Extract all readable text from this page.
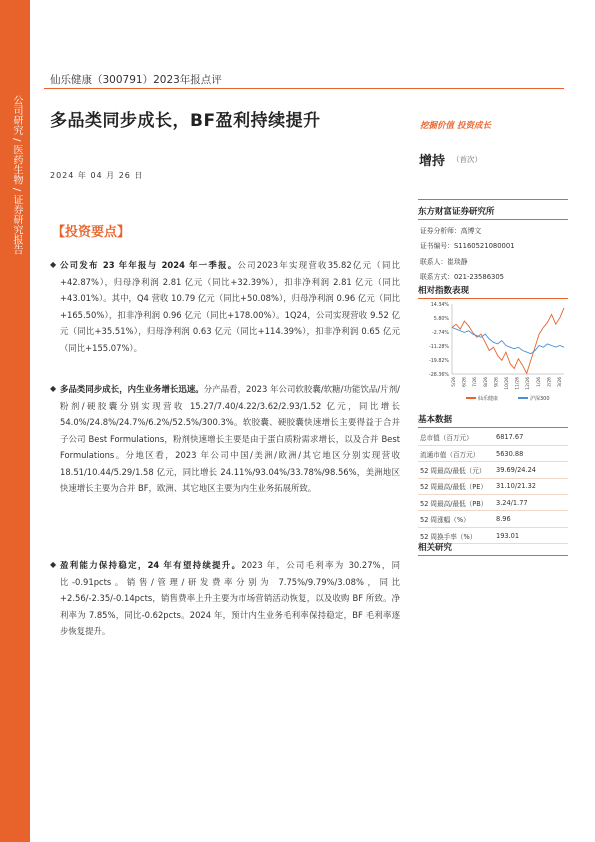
公司研究 / 医药生物 / 证券研究报告
仙乐健康（300791）2023年报点评
多品类同步成长，BF盈利持续提升
2024 年 04 月 26 日
【投资要点】
◆ 公司发布 23 年年报与 2024 年一季报。公司2023年实现营收35.82亿元（同比+42.87%），归母净利润 2.81 亿元（同比+32.39%），扣非净利润 2.81 亿元（同比+43.01%）。其中，Q4 营收 10.79 亿元（同比+50.08%），归母净利润 0.96 亿元（同比+165.50%），扣非净利润 0.96 亿元（同比+178.00%）。1Q24，公司实现营收 9.52 亿元（同比+35.51%），归母净利润 0.63 亿元（同比+114.39%），扣非净利润 0.65 亿元（同比+155.07%）。
◆ 多品类同步成长，内生业务增长迅速。分产品看，2023 年公司软胶囊/软糖/功能饮品/片剂/粉剂/硬胶囊分别实现营收 15.27/7.40/4.22/3.62/2.93/1.52 亿元，同比增长 54.0%/24.8%/24.7%/6.2%/52.5%/300.3%。软胶囊、硬胶囊快速增长主要得益于合并子公司 Best Formulations，粉剂快速增长主要是由于蛋白质粉需求增长，以及合并 Best Formulations。分地区看，2023 年公司中国/美洲/欧洲/其它地区分别实现营收 18.51/10.44/5.29/1.58 亿元，同比增长 24.11%/93.04%/33.78%/98.56%，美洲地区快速增长主要为合并 BF，欧洲、其它地区主要为内生业务拓展所致。
◆ 盈利能力保持稳定，24 年有望持续提升。2023 年，公司毛利率为 30.27%，同比-0.91pcts。销售/管理/研发费率分别为 7.75%/9.79%/3.08%，同比+2.56/-2.35/-0.14pcts，销售费率上升主要为市场营销活动恢复，以及收购 BF 所致。净利率为 7.85%，同比-0.62pcts。2024 年，预计内生业务毛利率保持稳定，BF 毛利率逐步恢复提升。
挖掘价值 投资成长
增持 （首次）
东方财富证券研究所
证券分析师：高博文
证书编号：S1160521080001
联系人：崔琰静
联系方式：021-23586305
相对指数表现
14.34%
5.80%
-2.74%
-11.28%
-19.82%
-28.36%
5/26 6/26 7/26 8/26 9/26 10/26 11/26 12/26 1/26 2/26 3/26
仙乐健康	沪深300
基本数据
总市值（百万元）	6817.67
流通市值（百万元）	5630.88
52 周最高/最低（元）	39.69/24.24
52 周最高/最低（PE）	31.10/21.32
52 周最高/最低（PB）	3.24/1.77
52 周涨幅（%）	8.96
52 周换手率（%）	193.01
相关研究
